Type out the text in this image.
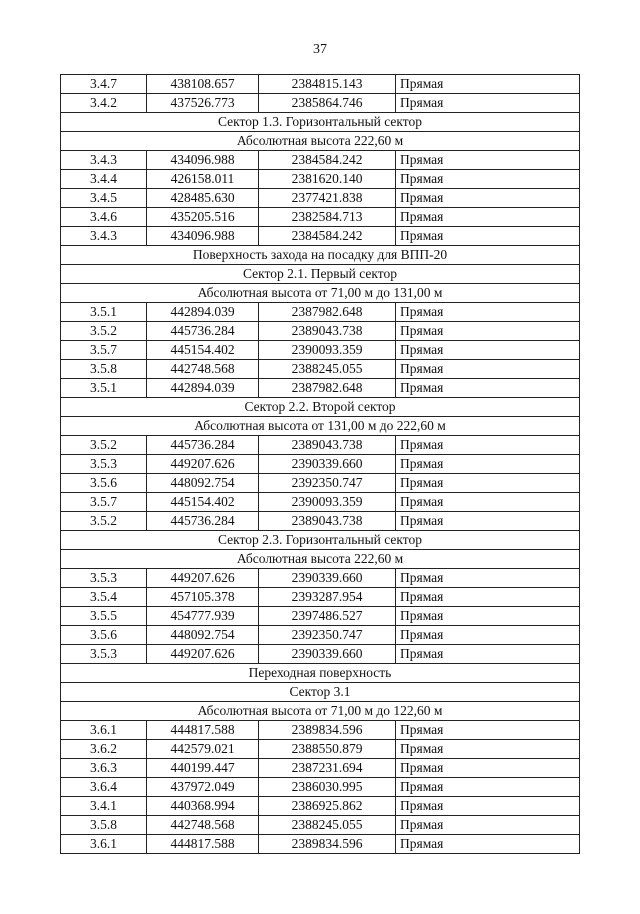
37
3.4.7	438108.657	2384815.143	Прямая
3.4.2	437526.773	2385864.746	Прямая
Сектор 1.3. Горизонтальный сектор			
Абсолютная высота 222,60 м			
3.4.3	434096.988	2384584.242	Прямая
3.4.4	426158.011	2381620.140	Прямая
3.4.5	428485.630	2377421.838	Прямая
3.4.6	435205.516	2382584.713	Прямая
3.4.3	434096.988	2384584.242	Прямая
Поверхность захода на посадку для ВПП-20			
Сектор 2.1. Первый сектор			
Абсолютная высота от 71,00 м до 131,00 м			
3.5.1	442894.039	2387982.648	Прямая
3.5.2	445736.284	2389043.738	Прямая
3.5.7	445154.402	2390093.359	Прямая
3.5.8	442748.568	2388245.055	Прямая
3.5.1	442894.039	2387982.648	Прямая
Сектор 2.2. Второй сектор			
Абсолютная высота от 131,00 м до 222,60 м			
3.5.2	445736.284	2389043.738	Прямая
3.5.3	449207.626	2390339.660	Прямая
3.5.6	448092.754	2392350.747	Прямая
3.5.7	445154.402	2390093.359	Прямая
3.5.2	445736.284	2389043.738	Прямая
Сектор 2.3. Горизонтальный сектор			
Абсолютная высота 222,60 м			
3.5.3	449207.626	2390339.660	Прямая
3.5.4	457105.378	2393287.954	Прямая
3.5.5	454777.939	2397486.527	Прямая
3.5.6	448092.754	2392350.747	Прямая
3.5.3	449207.626	2390339.660	Прямая
Переходная поверхность			
Сектор 3.1			
Абсолютная высота от 71,00 м до 122,60 м			
3.6.1	444817.588	2389834.596	Прямая
3.6.2	442579.021	2388550.879	Прямая
3.6.3	440199.447	2387231.694	Прямая
3.6.4	437972.049	2386030.995	Прямая
3.4.1	440368.994	2386925.862	Прямая
3.5.8	442748.568	2388245.055	Прямая
3.6.1	444817.588	2389834.596	Прямая
